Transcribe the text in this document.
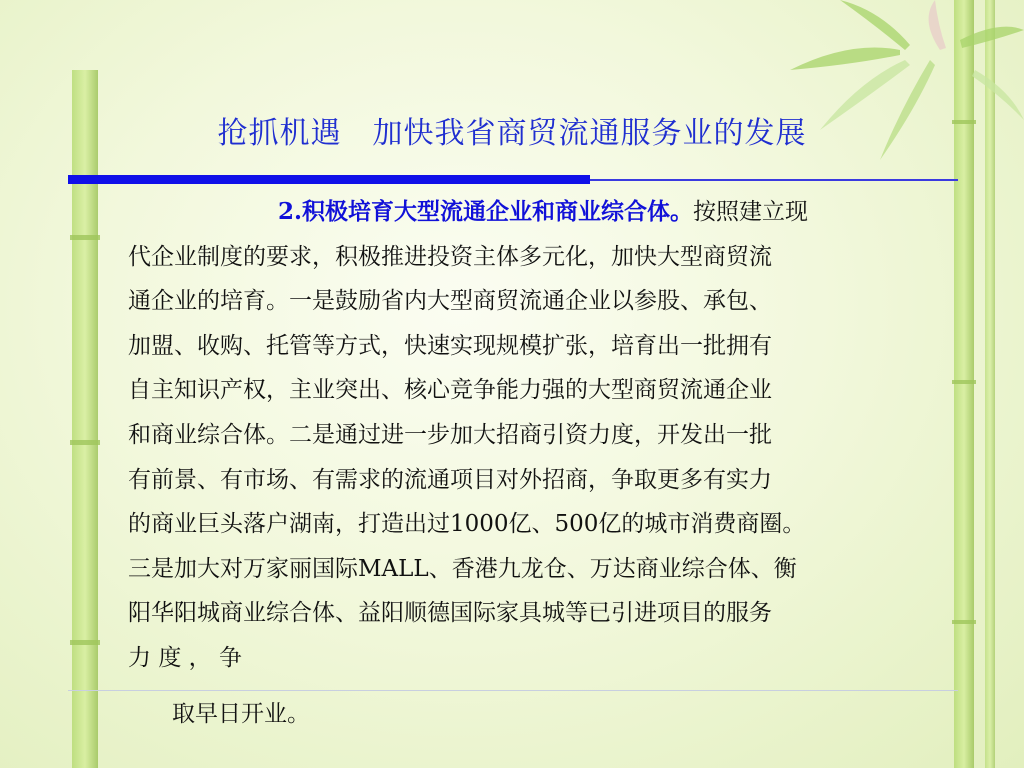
抢抓机遇　加快我省商贸流通服务业的发展
2.积极培育大型流通企业和商业综合体。按照建立现
代企业制度的要求，积极推进投资主体多元化，加快大型商贸流
通企业的培育。一是鼓励省内大型商贸流通企业以参股、承包、
加盟、收购、托管等方式，快速实现规模扩张，培育出一批拥有
自主知识产权，主业突出、核心竞争能力强的大型商贸流通企业
和商业综合体。二是通过进一步加大招商引资力度，开发出一批
有前景、有市场、有需求的流通项目对外招商，争取更多有实力
的商业巨头落户湖南，打造出过1000亿、500亿的城市消费商圈。
三是加大对万家丽国际MALL、香港九龙仓、万达商业综合体、衡
阳华阳城商业综合体、益阳顺德国际家具城等已引进项目的服务
力 度 ， 争
取早日开业。
